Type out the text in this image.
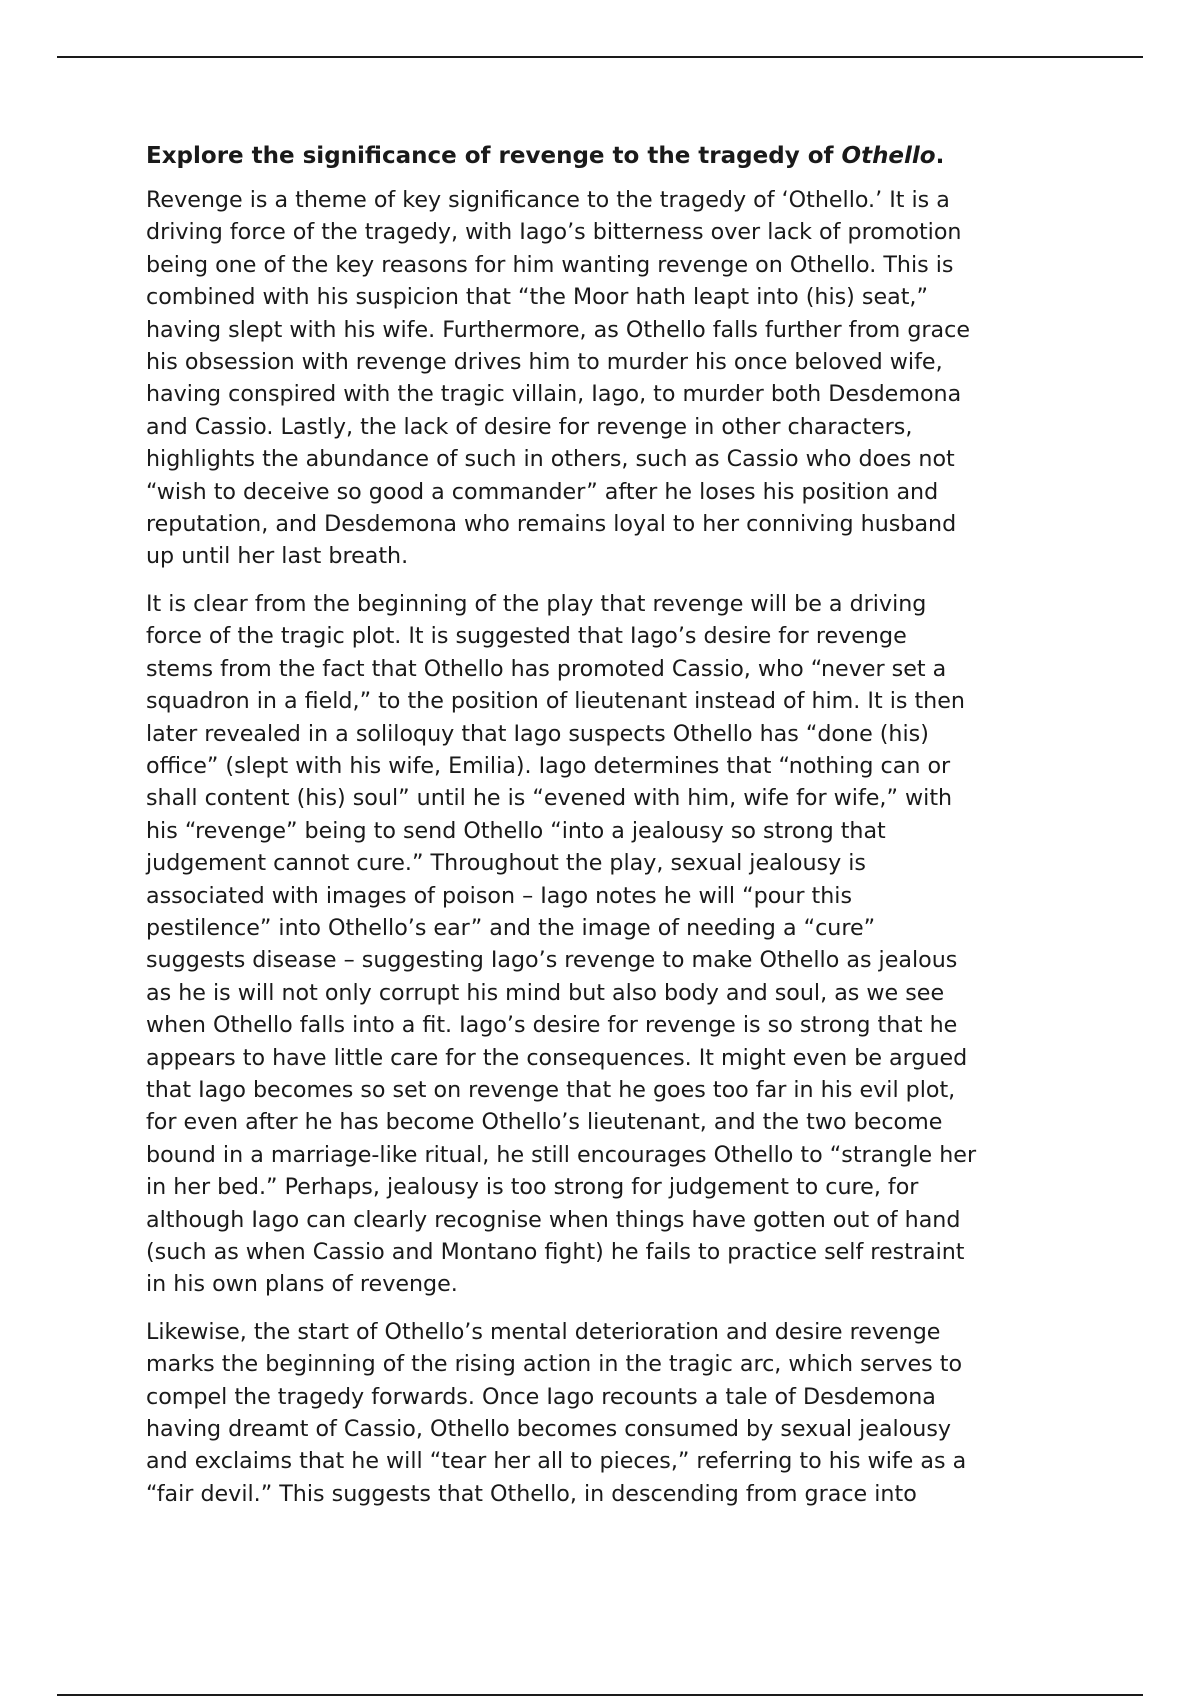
Explore the significance of revenge to the tragedy of Othello.

Revenge is a theme of key significance to the tragedy of ‘Othello.’ It is a
driving force of the tragedy, with Iago’s bitterness over lack of promotion
being one of the key reasons for him wanting revenge on Othello. This is
combined with his suspicion that “the Moor hath leapt into (his) seat,”
having slept with his wife. Furthermore, as Othello falls further from grace
his obsession with revenge drives him to murder his once beloved wife,
having conspired with the tragic villain, Iago, to murder both Desdemona
and Cassio. Lastly, the lack of desire for revenge in other characters,
highlights the abundance of such in others, such as Cassio who does not
“wish to deceive so good a commander” after he loses his position and
reputation, and Desdemona who remains loyal to her conniving husband
up until her last breath.

It is clear from the beginning of the play that revenge will be a driving
force of the tragic plot. It is suggested that Iago’s desire for revenge
stems from the fact that Othello has promoted Cassio, who “never set a
squadron in a field,” to the position of lieutenant instead of him. It is then
later revealed in a soliloquy that Iago suspects Othello has “done (his)
office” (slept with his wife, Emilia). Iago determines that “nothing can or
shall content (his) soul” until he is “evened with him, wife for wife,” with
his “revenge” being to send Othello “into a jealousy so strong that
judgement cannot cure.” Throughout the play, sexual jealousy is
associated with images of poison – Iago notes he will “pour this
pestilence” into Othello’s ear” and the image of needing a “cure”
suggests disease – suggesting Iago’s revenge to make Othello as jealous
as he is will not only corrupt his mind but also body and soul, as we see
when Othello falls into a fit. Iago’s desire for revenge is so strong that he
appears to have little care for the consequences. It might even be argued
that Iago becomes so set on revenge that he goes too far in his evil plot,
for even after he has become Othello’s lieutenant, and the two become
bound in a marriage-like ritual, he still encourages Othello to “strangle her
in her bed.” Perhaps, jealousy is too strong for judgement to cure, for
although Iago can clearly recognise when things have gotten out of hand
(such as when Cassio and Montano fight) he fails to practice self restraint
in his own plans of revenge.

Likewise, the start of Othello’s mental deterioration and desire revenge
marks the beginning of the rising action in the tragic arc, which serves to
compel the tragedy forwards. Once Iago recounts a tale of Desdemona
having dreamt of Cassio, Othello becomes consumed by sexual jealousy
and exclaims that he will “tear her all to pieces,” referring to his wife as a
“fair devil.” This suggests that Othello, in descending from grace into
